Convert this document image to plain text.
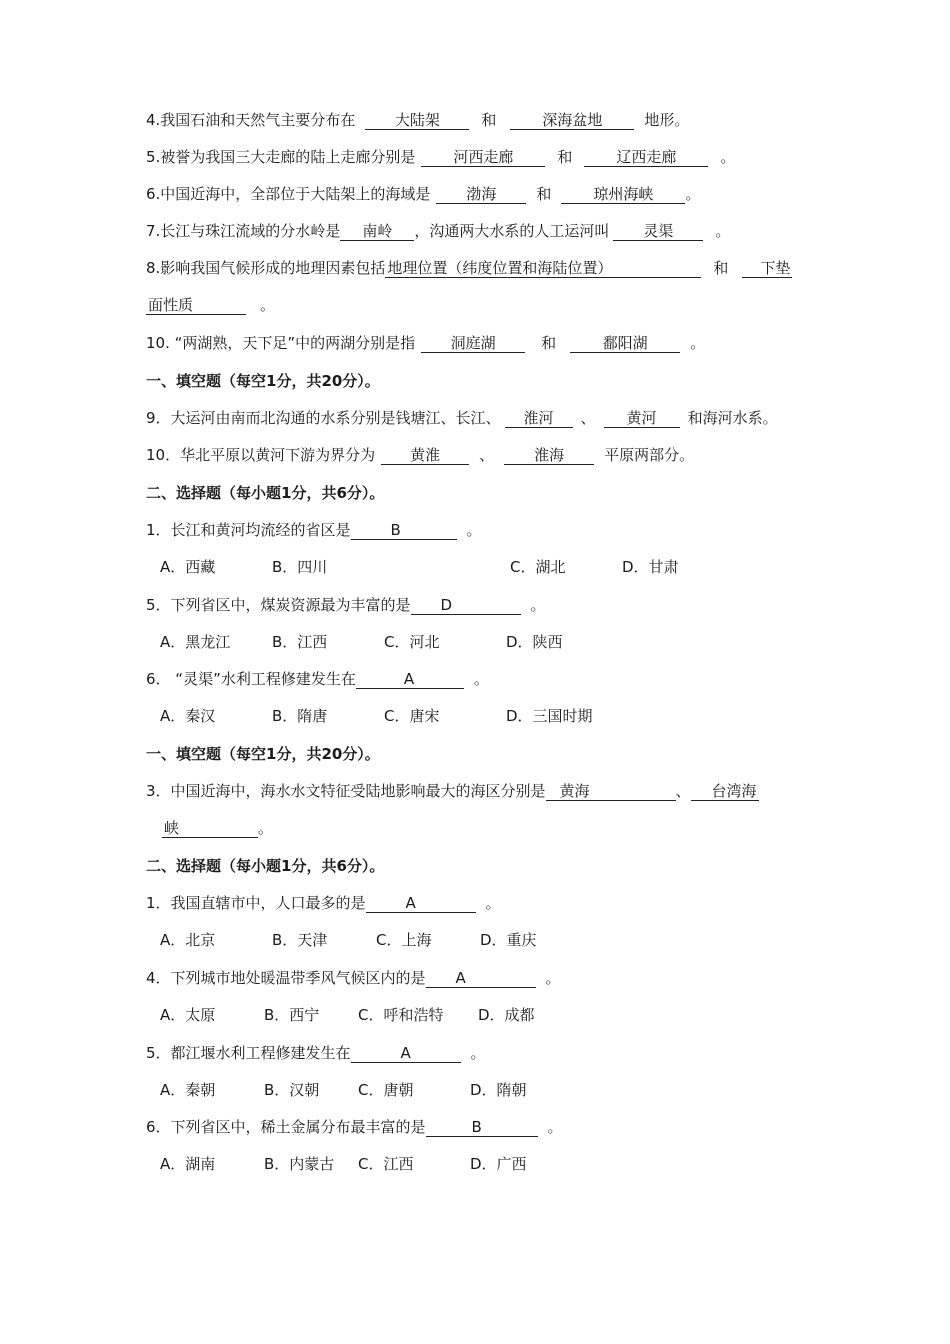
4.我国石油和天然气主要分布在	大陆架	和	深海盆地	地形。
5.被誉为我国三大走廊的陆上走廊分别是	河西走廊	和	辽西走廊	。
6.中国近海中，全部位于大陆架上的海域是 渤海	和	琼州海峡 。
7.长江与珠江流域的分水岭是 南岭 ，沟通两大水系的人工运河叫 灵渠	。
8.影响我国气候形成的地理因素包括 地理位置（纬度位置和海陆位置）	和 下垫
面性质	。
10. “两湖熟，天下足”中的两湖分别是指 洞庭湖	和	鄱阳湖	。
一、填空题（每空1分，共20分）。
9．大运河由南而北沟通的水系分别是钱塘江、长江、 淮河 、 黄河 和海河水系。
10．华北平原以黄河下游为界分为 黄淮	、	淮海	平原两部分。
二、选择题（每小题1分，共6分）。
1．长江和黄河均流经的省区是	B	。
A．西藏	B．四川	C．湖北	D．甘肃
5．下列省区中，煤炭资源最为丰富的是 D	。
A．黑龙江	B．江西	C．河北	D．陕西
6． “灵渠”水利工程修建发生在	A	。
A．秦汉	B．隋唐	C．唐宋	D．三国时期
一、填空题（每空1分，共20分）。
3．中国近海中，海水水文特征受陆地影响最大的海区分别是 黄海	、 台湾海
峡	。
二、选择题（每小题1分，共6分）。
1．我国直辖市中，人口最多的是	A	。
A．北京	B．天津	C．上海	D．重庆
4．下列城市地处暖温带季风气候区内的是 A	。
A．太原	B．西宁	C．呼和浩特 D．成都
5．都江堰水利工程修建发生在	A	。
A．秦朝	B．汉朝	C．唐朝	D．隋朝
6．下列省区中，稀土金属分布最丰富的是	B	。
A．湖南	B．内蒙古 C．江西	D．广西
